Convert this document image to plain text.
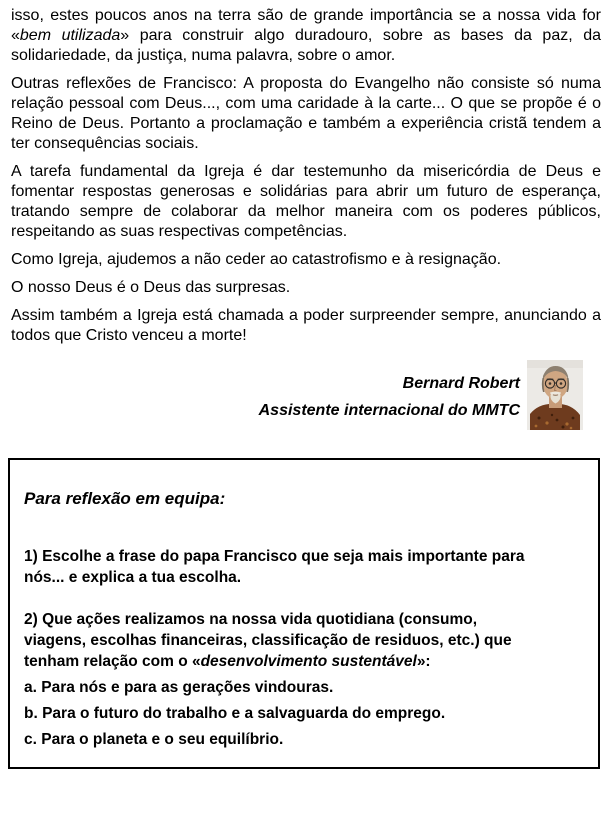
isso, estes poucos anos na terra são de grande importância se a nossa vida for «bem utilizada» para construir algo duradouro, sobre as bases da paz, da solidariedade, da justiça, numa palavra, sobre o amor.

Outras reflexões de Francisco: A proposta do Evangelho não consiste só numa relação pessoal com Deus..., com uma caridade à la carte... O que se propõe é o Reino de Deus. Portanto a proclamação e também a experiência cristã tendem a ter consequências sociais.

A tarefa fundamental da Igreja é dar testemunho da misericórdia de Deus e fomentar respostas generosas e solidárias para abrir um futuro de esperança, tratando sempre de colaborar da melhor maneira com os poderes públicos, respeitando as suas respectivas competências.

Como Igreja, ajudemos a não ceder ao catastrofismo e à resignação.

O nosso Deus é o Deus das surpresas.

Assim também a Igreja está chamada a poder surpreender sempre, anunciando a todos que Cristo venceu a morte!

Bernard Robert
Assistente internacional do MMTC

Para reflexão em equipa:

1) Escolhe a frase do papa Francisco que seja mais importante para
nós... e explica a tua escolha.

2) Que ações realizamos na nossa vida quotidiana (consumo,
viagens, escolhas financeiras, classificação de residuos, etc.) que
tenham relação com o «desenvolvimento sustentável»:

a. Para nós e para as gerações vindouras.

b. Para o futuro do trabalho e a salvaguarda do emprego.

c. Para o planeta e o seu equilíbrio.
